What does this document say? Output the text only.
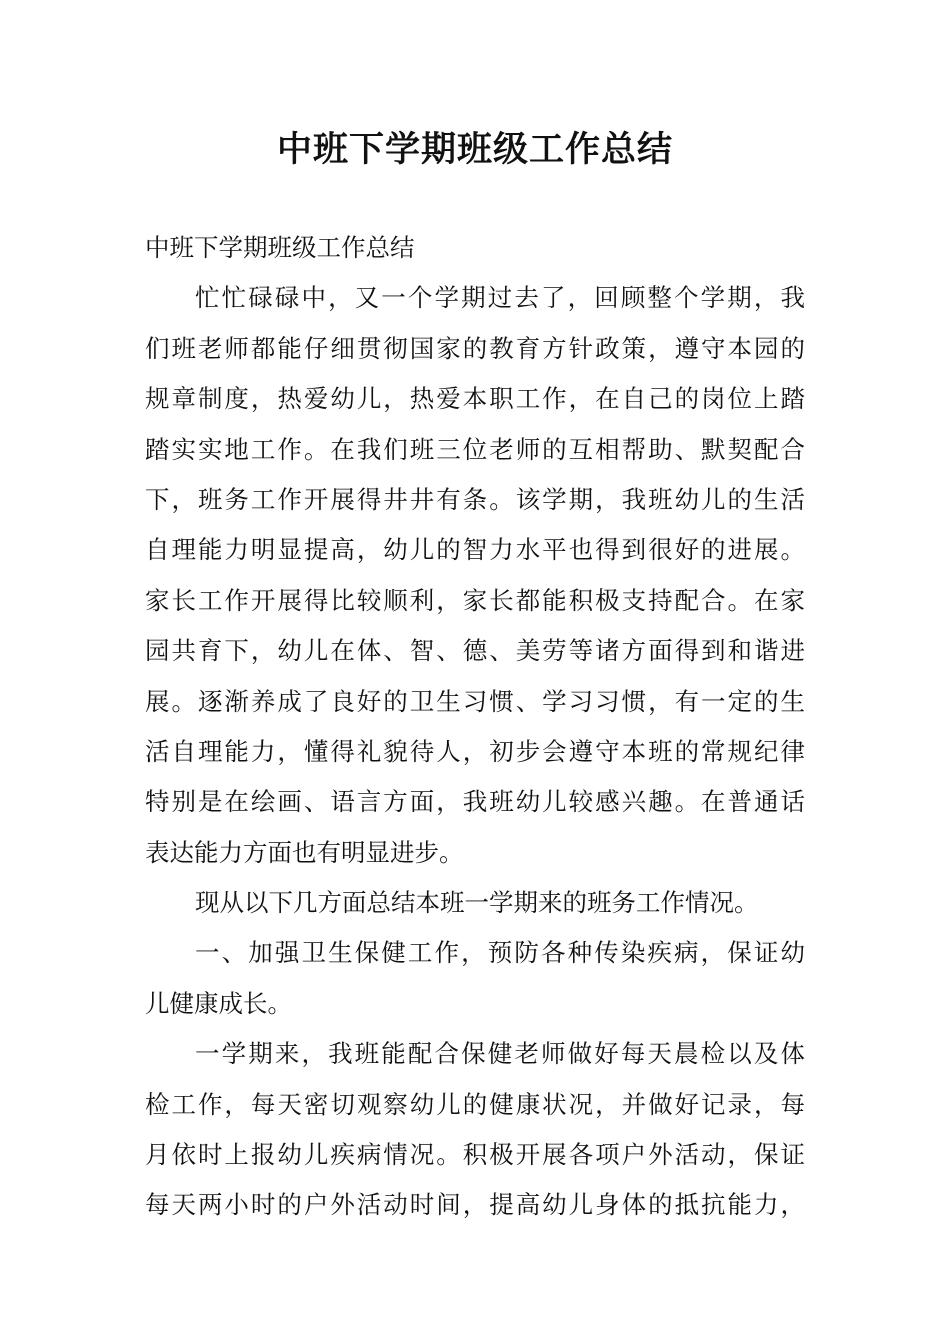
中班下学期班级工作总结
中班下学期班级工作总结
忙忙碌碌中，又一个学期过去了，回顾整个学期，我
们班老师都能仔细贯彻国家的教育方针政策，遵守本园的
规章制度，热爱幼儿，热爱本职工作，在自己的岗位上踏
踏实实地工作。在我们班三位老师的互相帮助、默契配合
下，班务工作开展得井井有条。该学期，我班幼儿的生活
自理能力明显提高，幼儿的智力水平也得到很好的进展。
家长工作开展得比较顺利，家长都能积极支持配合。在家
园共育下，幼儿在体、智、德、美劳等诸方面得到和谐进
展。逐渐养成了良好的卫生习惯、学习习惯，有一定的生
活自理能力，懂得礼貌待人，初步会遵守本班的常规纪律
特别是在绘画、语言方面，我班幼儿较感兴趣。在普通话
表达能力方面也有明显进步。
现从以下几方面总结本班一学期来的班务工作情况。
一、加强卫生保健工作，预防各种传染疾病，保证幼
儿健康成长。
一学期来，我班能配合保健老师做好每天晨检以及体
检工作，每天密切观察幼儿的健康状况，并做好记录，每
月依时上报幼儿疾病情况。积极开展各项户外活动，保证
每天两小时的户外活动时间，提高幼儿身体的抵抗能力，
